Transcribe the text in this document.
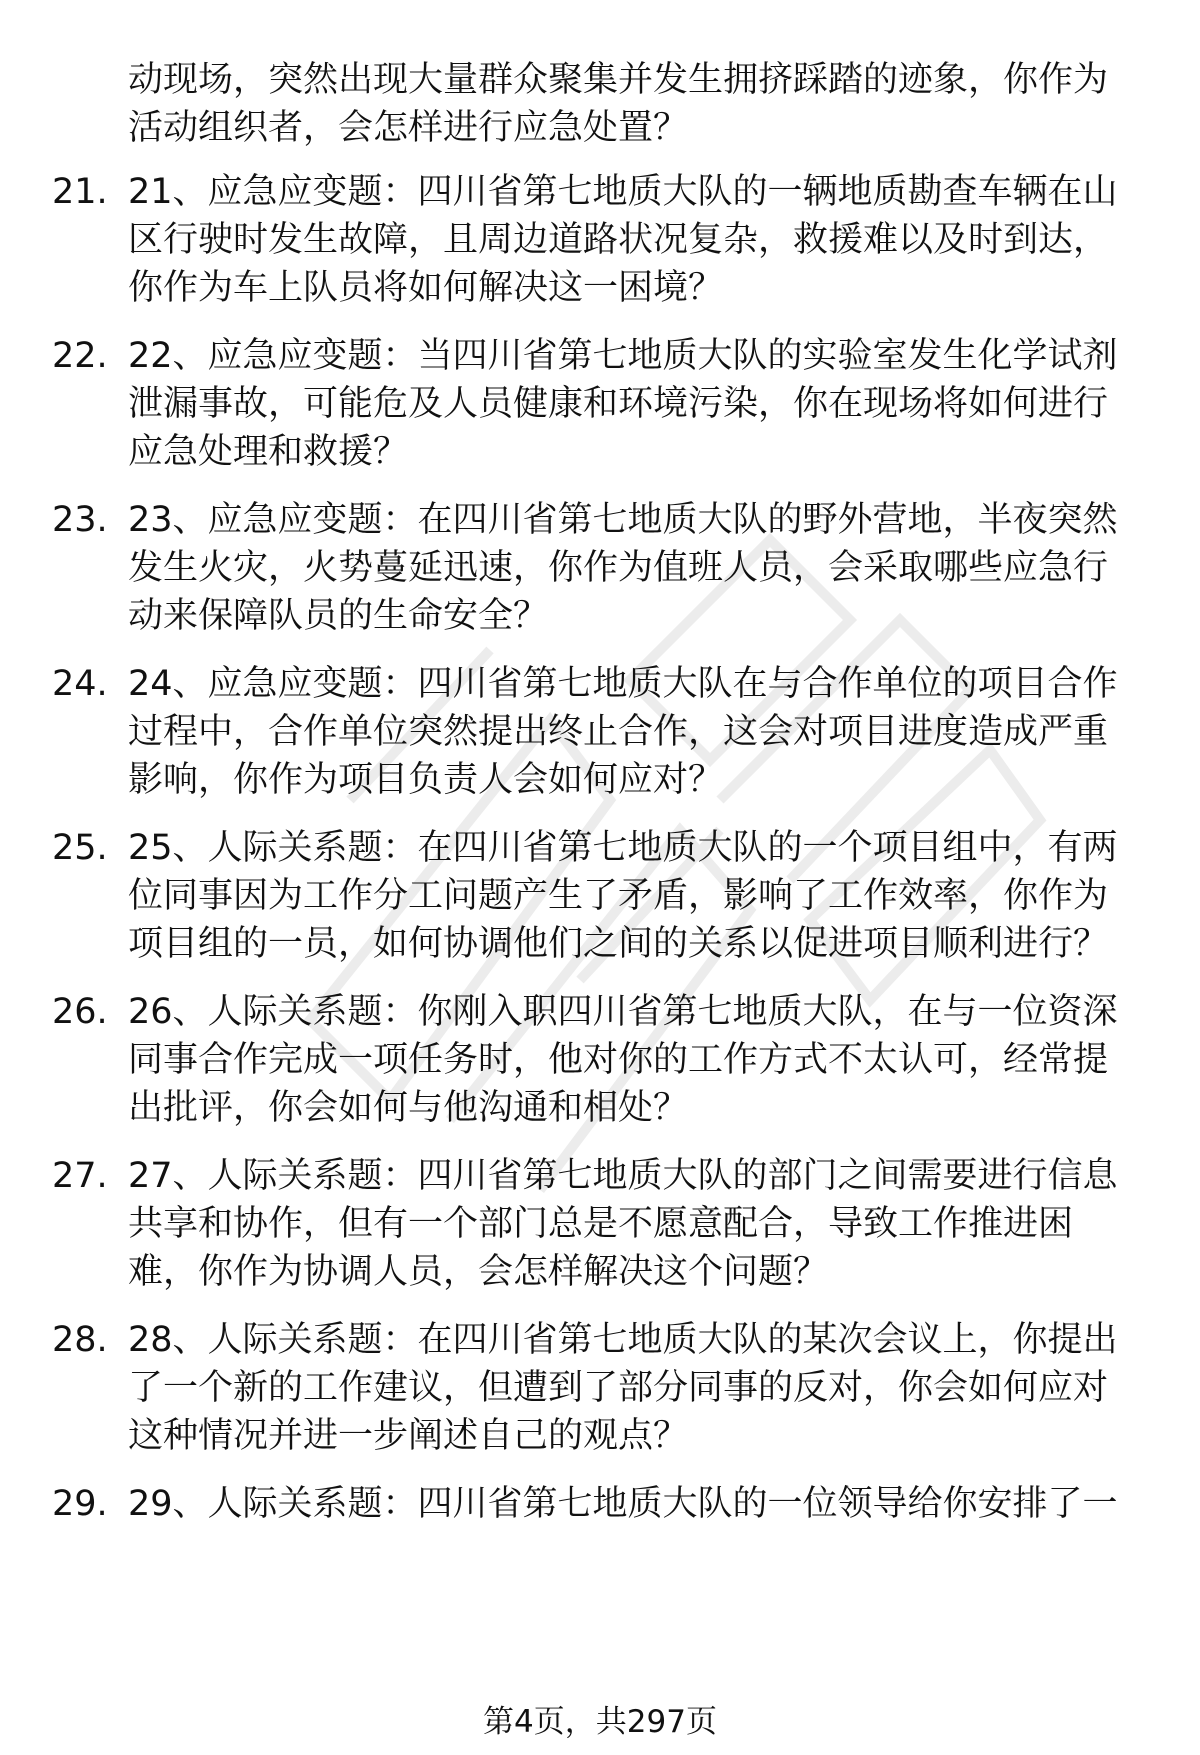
动现场，突然出现大量群众聚集并发生拥挤踩踏的迹象，你作为
活动组织者，会怎样进行应急处置？
21. 21、应急应变题：四川省第七地质大队的一辆地质勘查车辆在山
区行驶时发生故障，且周边道路状况复杂，救援难以及时到达，
你作为车上队员将如何解决这一困境？
22. 22、应急应变题：当四川省第七地质大队的实验室发生化学试剂
泄漏事故，可能危及人员健康和环境污染，你在现场将如何进行
应急处理和救援？
23. 23、应急应变题：在四川省第七地质大队的野外营地，半夜突然
发生火灾，火势蔓延迅速，你作为值班人员，会采取哪些应急行
动来保障队员的生命安全？
24. 24、应急应变题：四川省第七地质大队在与合作单位的项目合作
过程中，合作单位突然提出终止合作，这会对项目进度造成严重
影响，你作为项目负责人会如何应对？
25. 25、人际关系题：在四川省第七地质大队的一个项目组中，有两
位同事因为工作分工问题产生了矛盾，影响了工作效率，你作为
项目组的一员，如何协调他们之间的关系以促进项目顺利进行？
26. 26、人际关系题：你刚入职四川省第七地质大队，在与一位资深
同事合作完成一项任务时，他对你的工作方式不太认可，经常提
出批评，你会如何与他沟通和相处？
27. 27、人际关系题：四川省第七地质大队的部门之间需要进行信息
共享和协作，但有一个部门总是不愿意配合，导致工作推进困
难，你作为协调人员，会怎样解决这个问题？
28. 28、人际关系题：在四川省第七地质大队的某次会议上，你提出
了一个新的工作建议，但遭到了部分同事的反对，你会如何应对
这种情况并进一步阐述自己的观点？
29. 29、人际关系题：四川省第七地质大队的一位领导给你安排了一
第4页，共297页
